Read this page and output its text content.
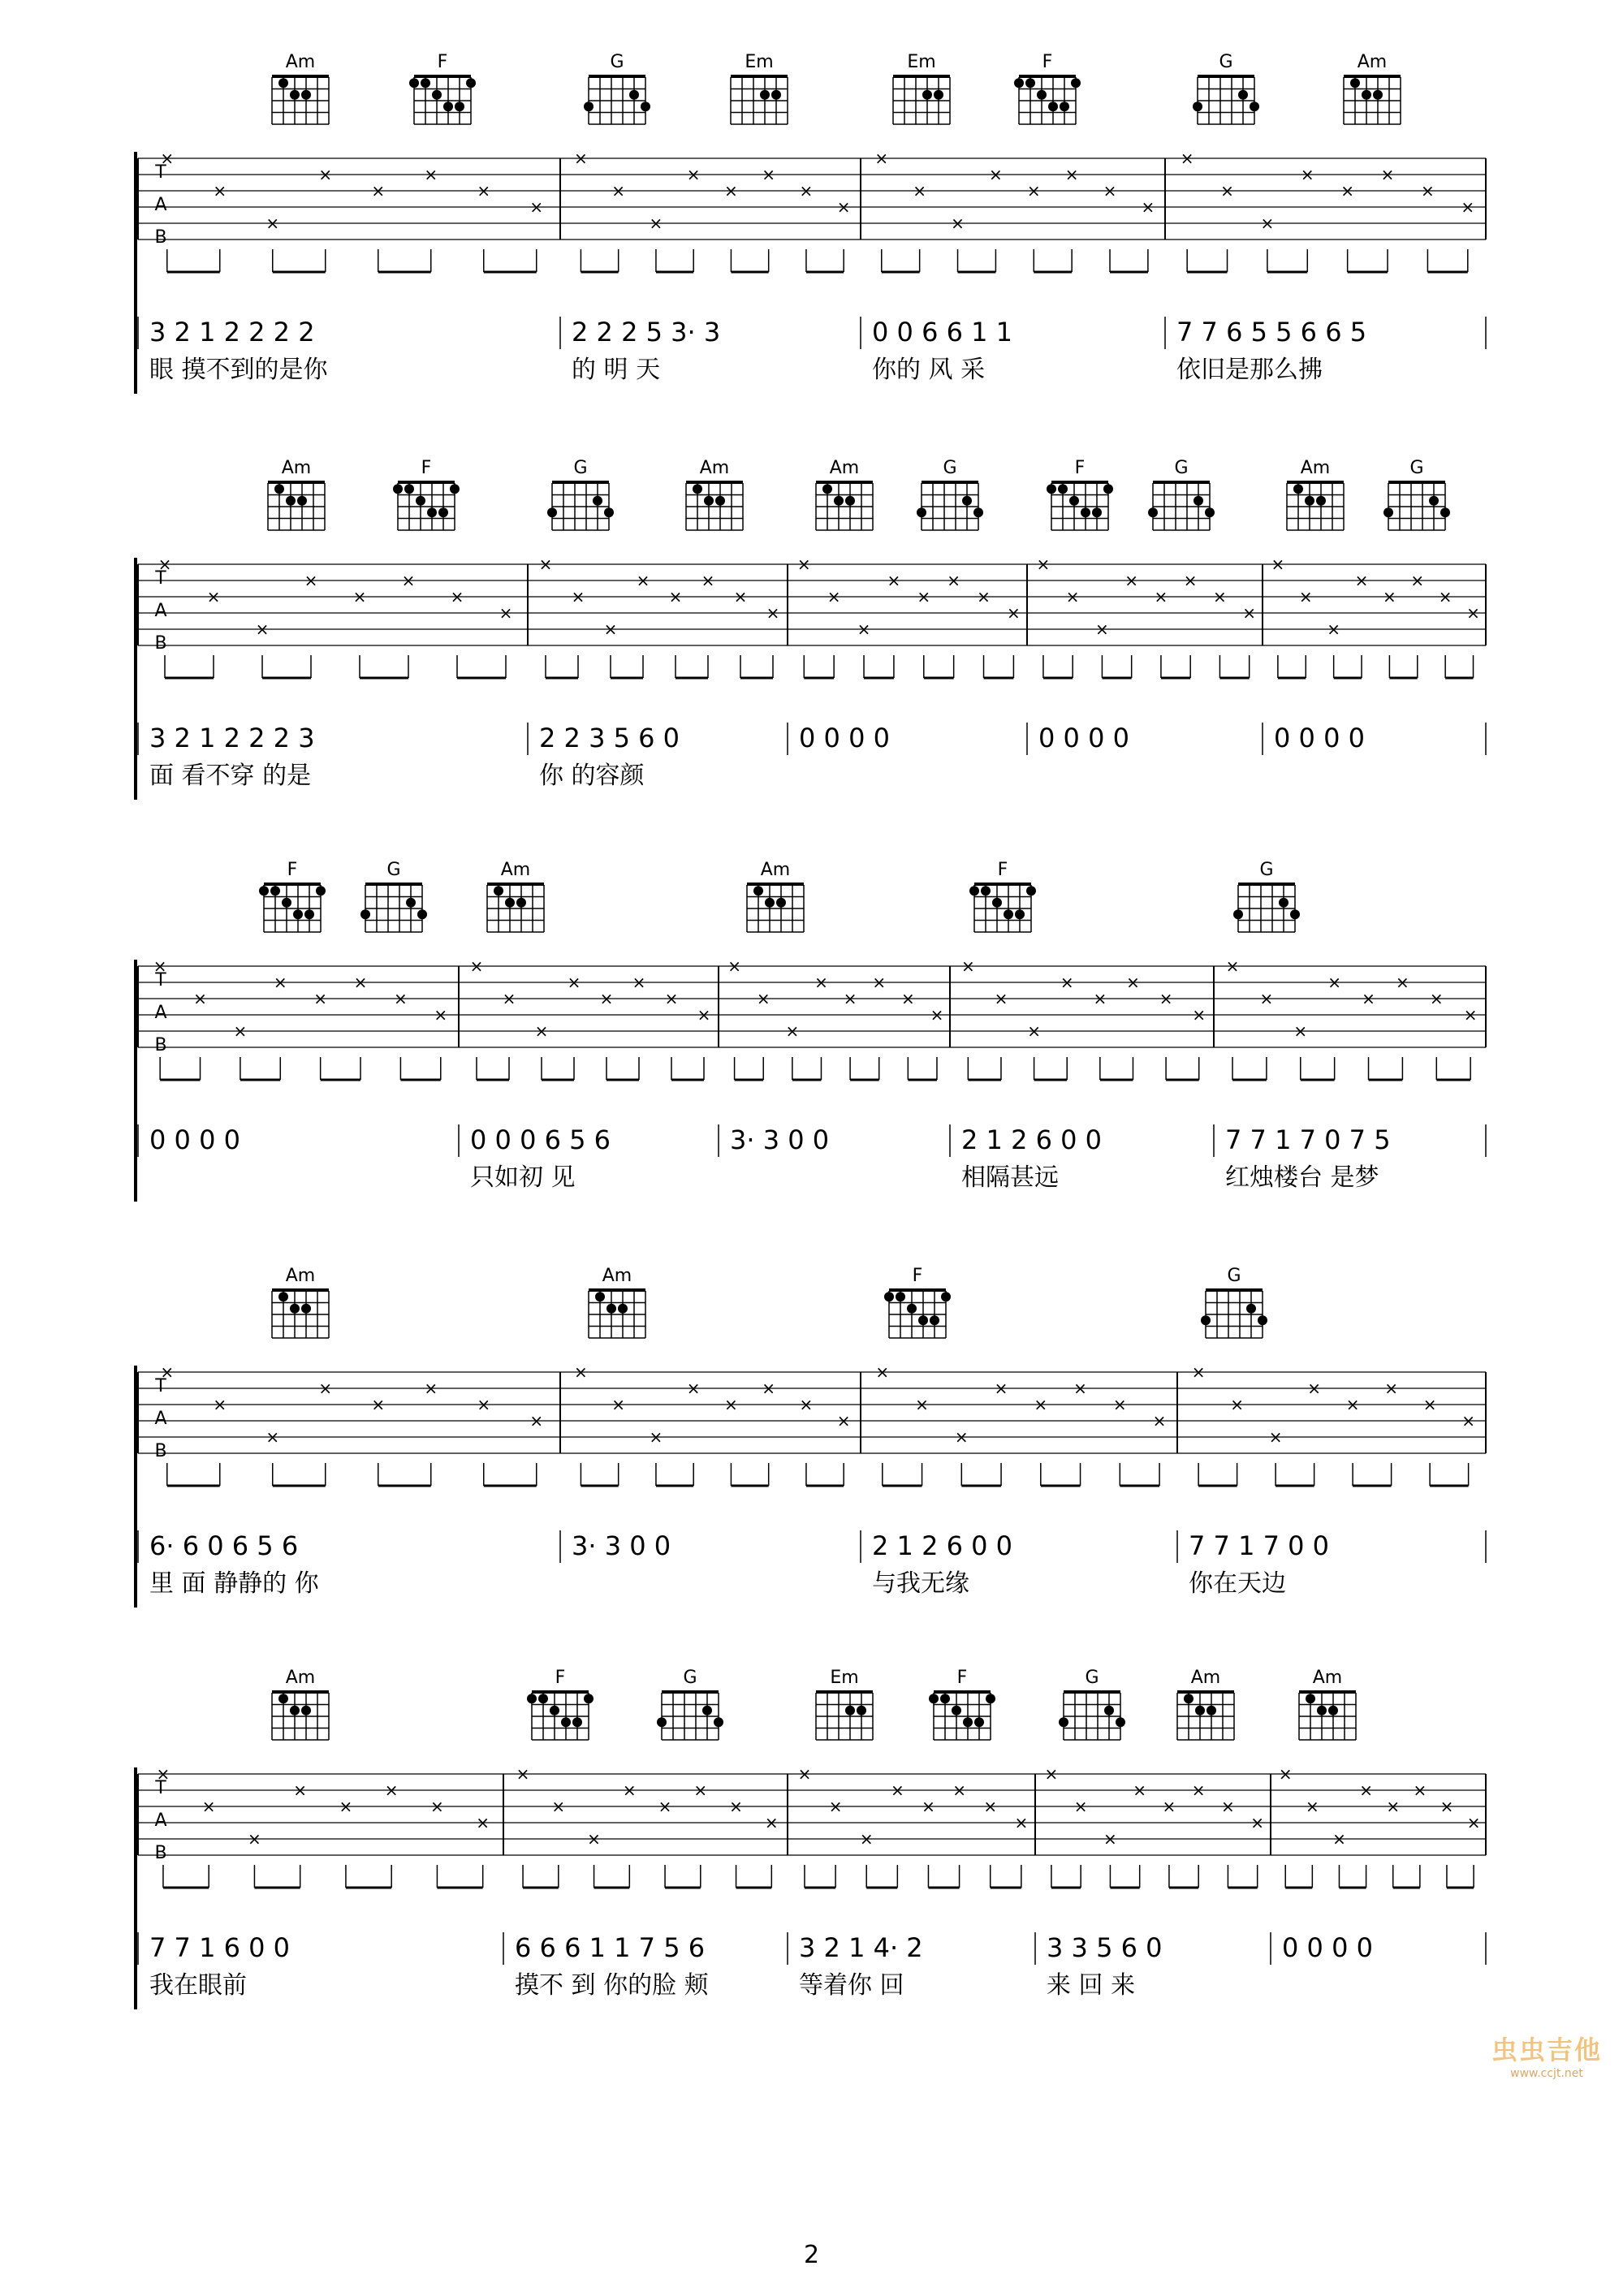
Am	F	G	Em	Em	F	G	Am
T
A
B
×
×
×
×
×
×
×
×
3 2 1 2 2 2 2
眼 摸不到的是你
×
×
×
×
×
×
×
×
2 2 2 5 3· 3
的 明 天
×
×
×
×
×
×
×
×
0 0 6 6 1 1
你的 风 采
×
×
×
×
×
×
×
×
7 7 6 5 5 6 6 5
依旧是那么拂
Am	F	G	Am	Am	G	F	G	Am	G
T
A
B
×
×
×
×
×
×
×
×
3 2 1 2 2 2 3
面 看不穿 的是
×
×
×
×
×
×
×
×
2 2 3 5 6 0
你 的容颜
×
×
×
×
×
×
×
×
0 0 0 0
×
×
×
×
×
×
×
×
0 0 0 0
×
×
×
×
×
×
×
×
0 0 0 0
F	G	Am	Am	F	G
T
A
B
×
×
×
×
×
×
×
×
0 0 0 0
×
×
×
×
×
×
×
×
0 0 0 6 5 6
只如初 见
×
×
×
×
×
×
×
×
3· 3 0 0
×
×
×
×
×
×
×
×
2 1 2 6 0 0
相隔甚远
×
×
×
×
×
×
×
×
7 7 1 7 0 7 5
红烛楼台 是梦
Am	Am	F	G
T
A
B
×
×
×
×
×
×
×
×
6· 6 0 6 5 6
里 面 静静的 你
×
×
×
×
×
×
×
×
3· 3 0 0
×
×
×
×
×
×
×
×
2 1 2 6 0 0
与我无缘
×
×
×
×
×
×
×
×
7 7 1 7 0 0
你在天边
Am	F	G	Em	F	G	Am	Am
T
A
B
×
×
×
×
×
×
×
×
7 7 1 6 0 0
我在眼前
×
×
×
×
×
×
×
×
6 6 6 1 1 7 5 6
摸不 到 你的脸 颊
×
×
×
×
×
×
×
×
3 2 1 4· 2
等着你 回
×
×
×
×
×
×
×
×
3 3 5 6 0
来 回 来
×
×
×
×
×
×
×
×
0 0 0 0
2
虫虫吉他
www.ccjt.net
